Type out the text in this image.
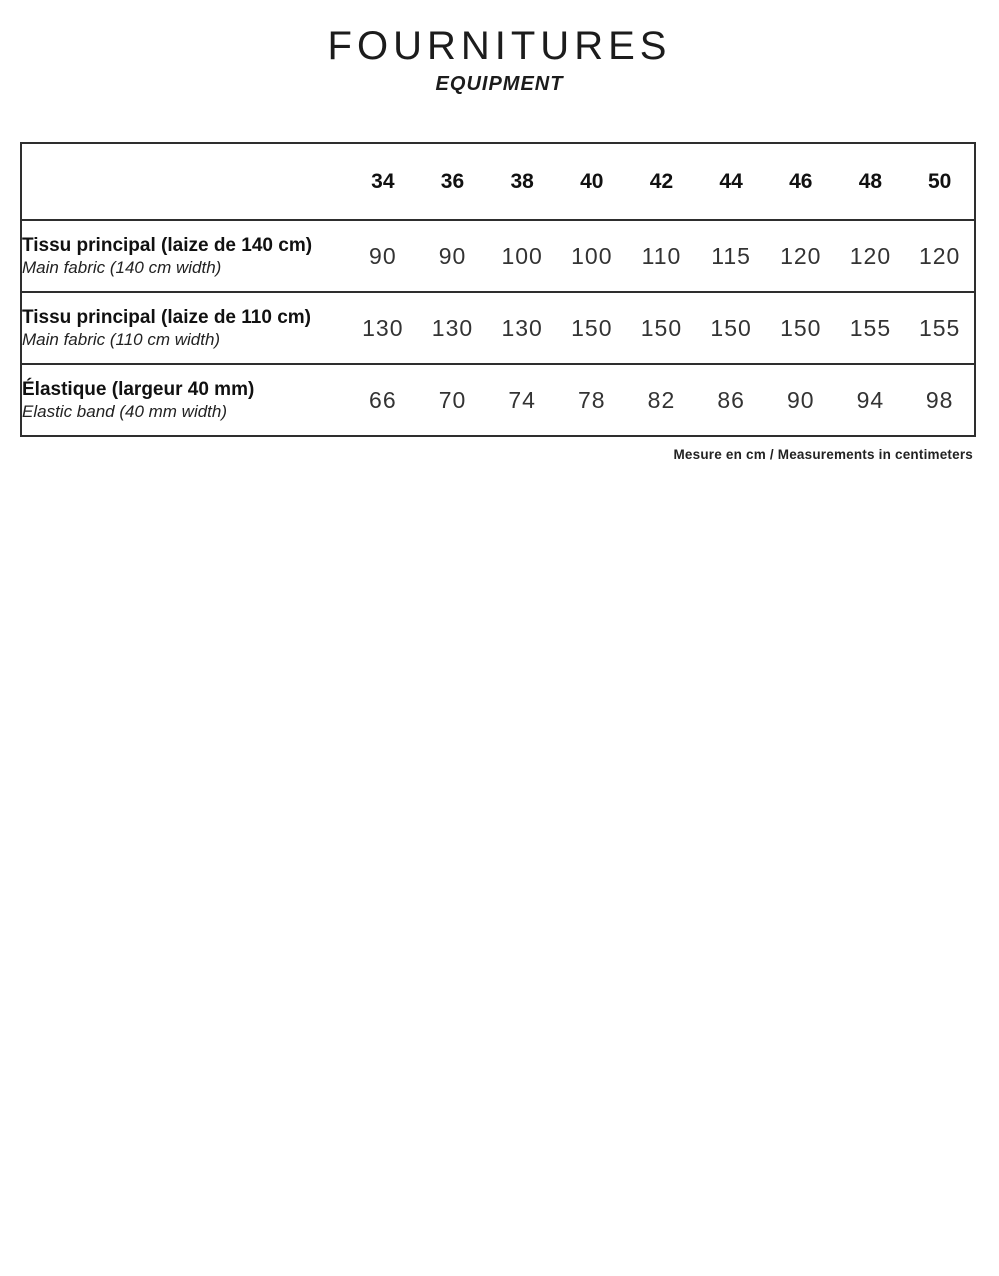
FOURNITURES
EQUIPMENT
	34	36	38	40	42	44	46	48	50

Tissu principal (laize de 140 cm)
Main fabric (140 cm width)	90	90	100	100	110	115	120	120	120

Tissu principal (laize de 110 cm)
Main fabric (110 cm width)	130	130	130	150	150	150	150	155	155

Élastique (largeur 40 mm)
Elastic band (40 mm width)	66	70	74	78	82	86	90	94	98
Mesure en cm / Measurements in centimeters
